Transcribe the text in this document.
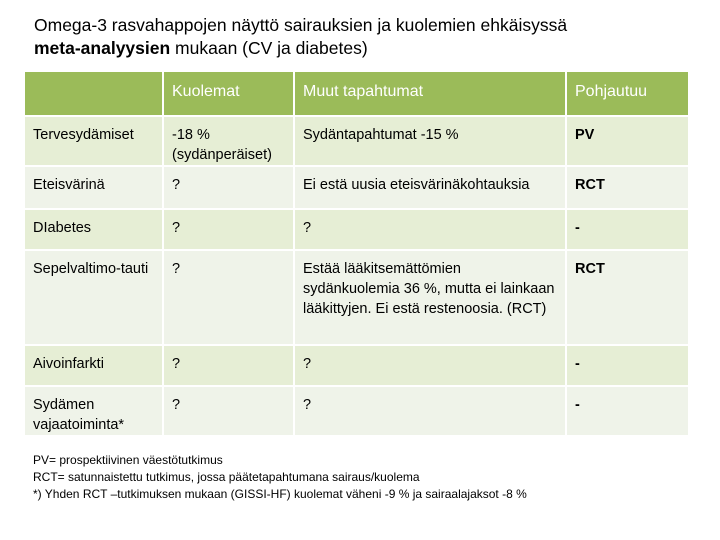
Omega-3 rasvahappojen näyttö sairauksien ja kuolemien ehkäisyssä
meta-analyysien mukaan (CV ja diabetes)
	Kuolemat	Muut tapahtumat	Pohjautuu
Tervesydämiset	-18 % (sydänperäiset)	Sydäntapahtumat -15 %	PV
Eteisvärinä	?	Ei estä uusia eteisvärinäkohtauksia	RCT
DIabetes	?	?	-
Sepelvaltimo-tauti	?	Estää lääkitsemättömien sydänkuolemia 36 %, mutta ei lainkaan lääkittyjen. Ei estä restenoosia. (RCT)	RCT
Aivoinfarkti	?	?	-
Sydämen vajaatoiminta*	?	?	-
PV= prospektiivinen väestötutkimus
RCT= satunnaistettu tutkimus, jossa päätetapahtumana sairaus/kuolema
*) Yhden RCT –tutkimuksen mukaan (GISSI-HF) kuolemat väheni -9 % ja sairaalajaksot -8 %
